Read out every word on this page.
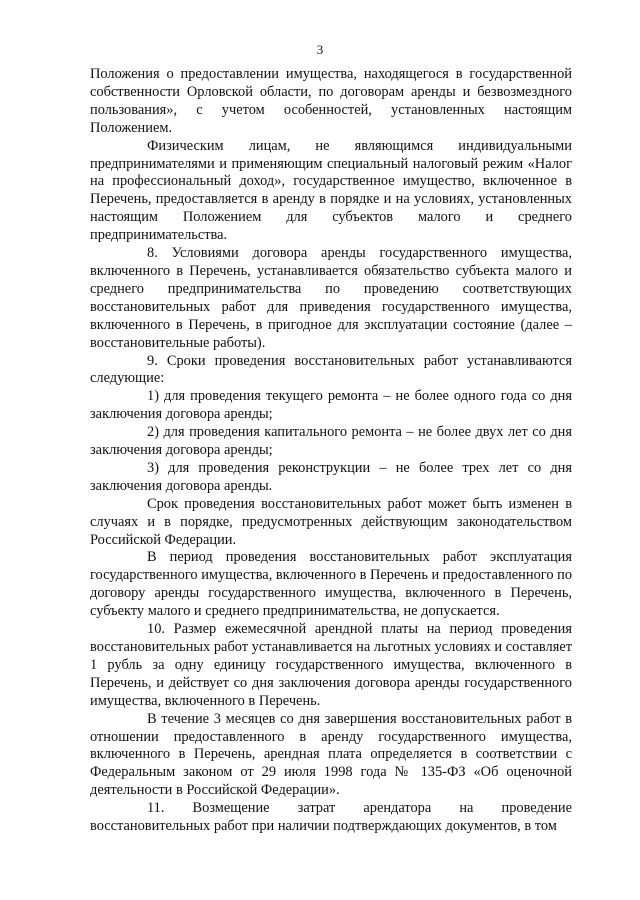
3

Положения о предоставлении имущества, находящегося в государственной собственности Орловской области, по договорам аренды и безвозмездного пользования», с учетом особенностей, установленных настоящим Положением.

Физическим лицам, не являющимся индивидуальными предпринимателями и применяющим специальный налоговый режим «Налог на профессиональный доход», государственное имущество, включенное в Перечень, предоставляется в аренду в порядке и на условиях, установленных настоящим Положением для субъектов малого и среднего предпринимательства.

8. Условиями договора аренды государственного имущества, включенного в Перечень, устанавливается обязательство субъекта малого и среднего предпринимательства по проведению соответствующих восстановительных работ для приведения государственного имущества, включенного в Перечень, в пригодное для эксплуатации состояние (далее – восстановительные работы).

9. Сроки проведения восстановительных работ устанавливаются следующие:

1) для проведения текущего ремонта – не более одного года со дня заключения договора аренды;

2) для проведения капитального ремонта – не более двух лет со дня заключения договора аренды;

3) для проведения реконструкции – не более трех лет со дня заключения договора аренды.

Срок проведения восстановительных работ может быть изменен в случаях и в порядке, предусмотренных действующим законодательством Российской Федерации.

В период проведения восстановительных работ эксплуатация государственного имущества, включенного в Перечень и предоставленного по договору аренды государственного имущества, включенного в Перечень, субъекту малого и среднего предпринимательства, не допускается.

10. Размер ежемесячной арендной платы на период проведения восстановительных работ устанавливается на льготных условиях и составляет 1 рубль за одну единицу государственного имущества, включенного в Перечень, и действует со дня заключения договора аренды государственного имущества, включенного в Перечень.

В течение 3 месяцев со дня завершения восстановительных работ в отношении предоставленного в аренду государственного имущества, включенного в Перечень, арендная плата определяется в соответствии с Федеральным законом от 29 июля 1998 года № 135-ФЗ «Об оценочной деятельности в Российской Федерации».

11. Возмещение затрат арендатора на проведение восстановительных работ при наличии подтверждающих документов, в том
